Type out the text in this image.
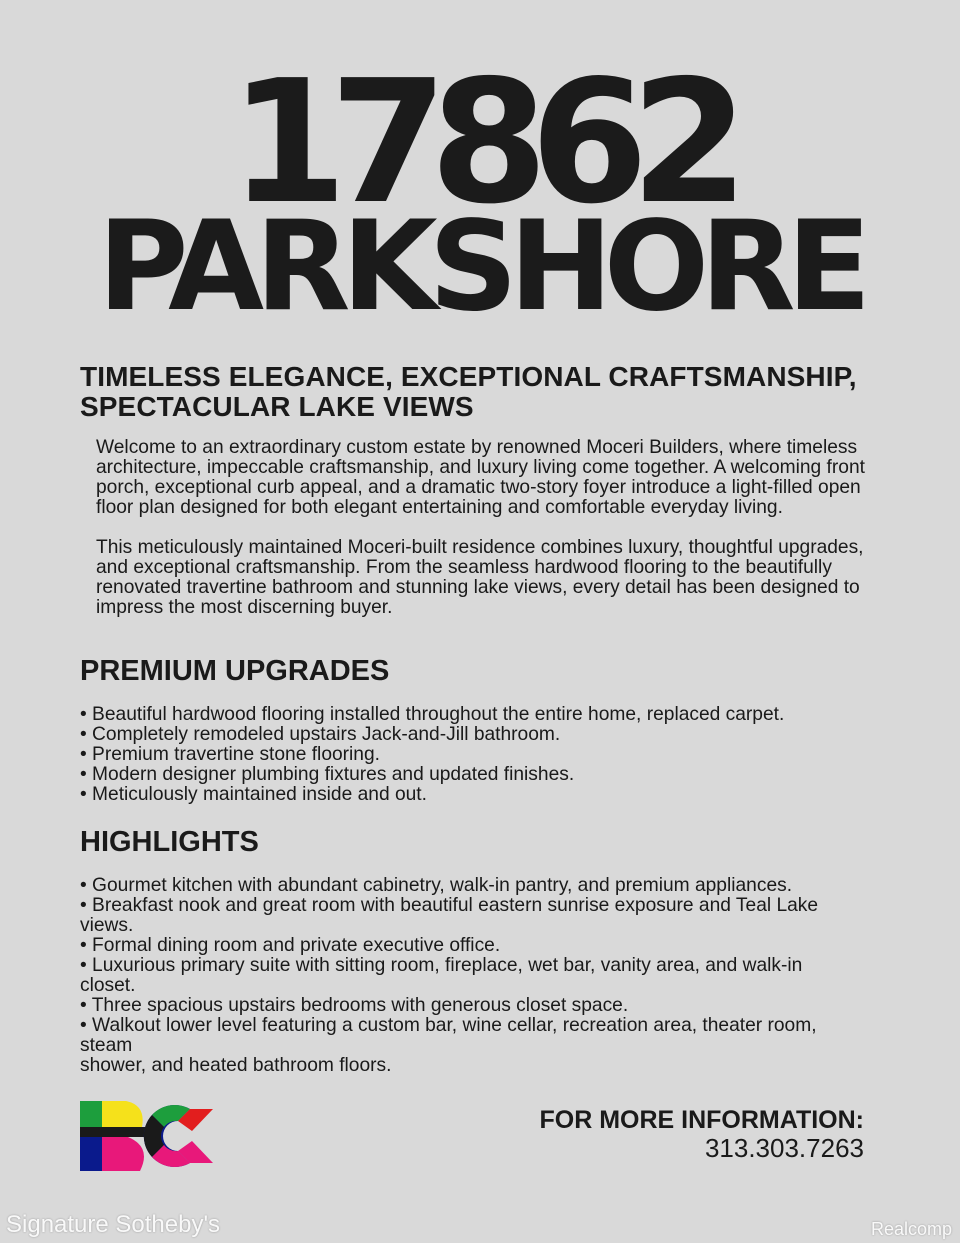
17862
PARKSHORE
TIMELESS ELEGANCE, EXCEPTIONAL CRAFTSMANSHIP,
SPECTACULAR LAKE VIEWS

Welcome to an extraordinary custom estate by renowned Moceri Builders, where timeless architecture, impeccable craftsmanship, and luxury living come together. A welcoming front porch, exceptional curb appeal, and a dramatic two-story foyer introduce a light-filled open floor plan designed for both elegant entertaining and comfortable everyday living.

This meticulously maintained Moceri-built residence combines luxury, thoughtful upgrades, and exceptional craftsmanship. From the seamless hardwood flooring to the beautifully renovated travertine bathroom and stunning lake views, every detail has been designed to impress the most discerning buyer.

PREMIUM UPGRADES
• Beautiful hardwood flooring installed throughout the entire home, replaced carpet.
• Completely remodeled upstairs Jack-and-Jill bathroom.
• Premium travertine stone flooring.
• Modern designer plumbing fixtures and updated finishes.
• Meticulously maintained inside and out.
HIGHLIGHTS
• Gourmet kitchen with abundant cabinetry, walk-in pantry, and premium appliances.
• Breakfast nook and great room with beautiful eastern sunrise exposure and Teal Lake views.
• Formal dining room and private executive office.
• Luxurious primary suite with sitting room, fireplace, wet bar, vanity area, and walk-in closet.
• Three spacious upstairs bedrooms with generous closet space.
• Walkout lower level featuring a custom bar, wine cellar, recreation area, theater room, steam
shower, and heated bathroom floors.
FOR MORE INFORMATION:
313.303.7263
Signature Sotheby's	Realcomp
